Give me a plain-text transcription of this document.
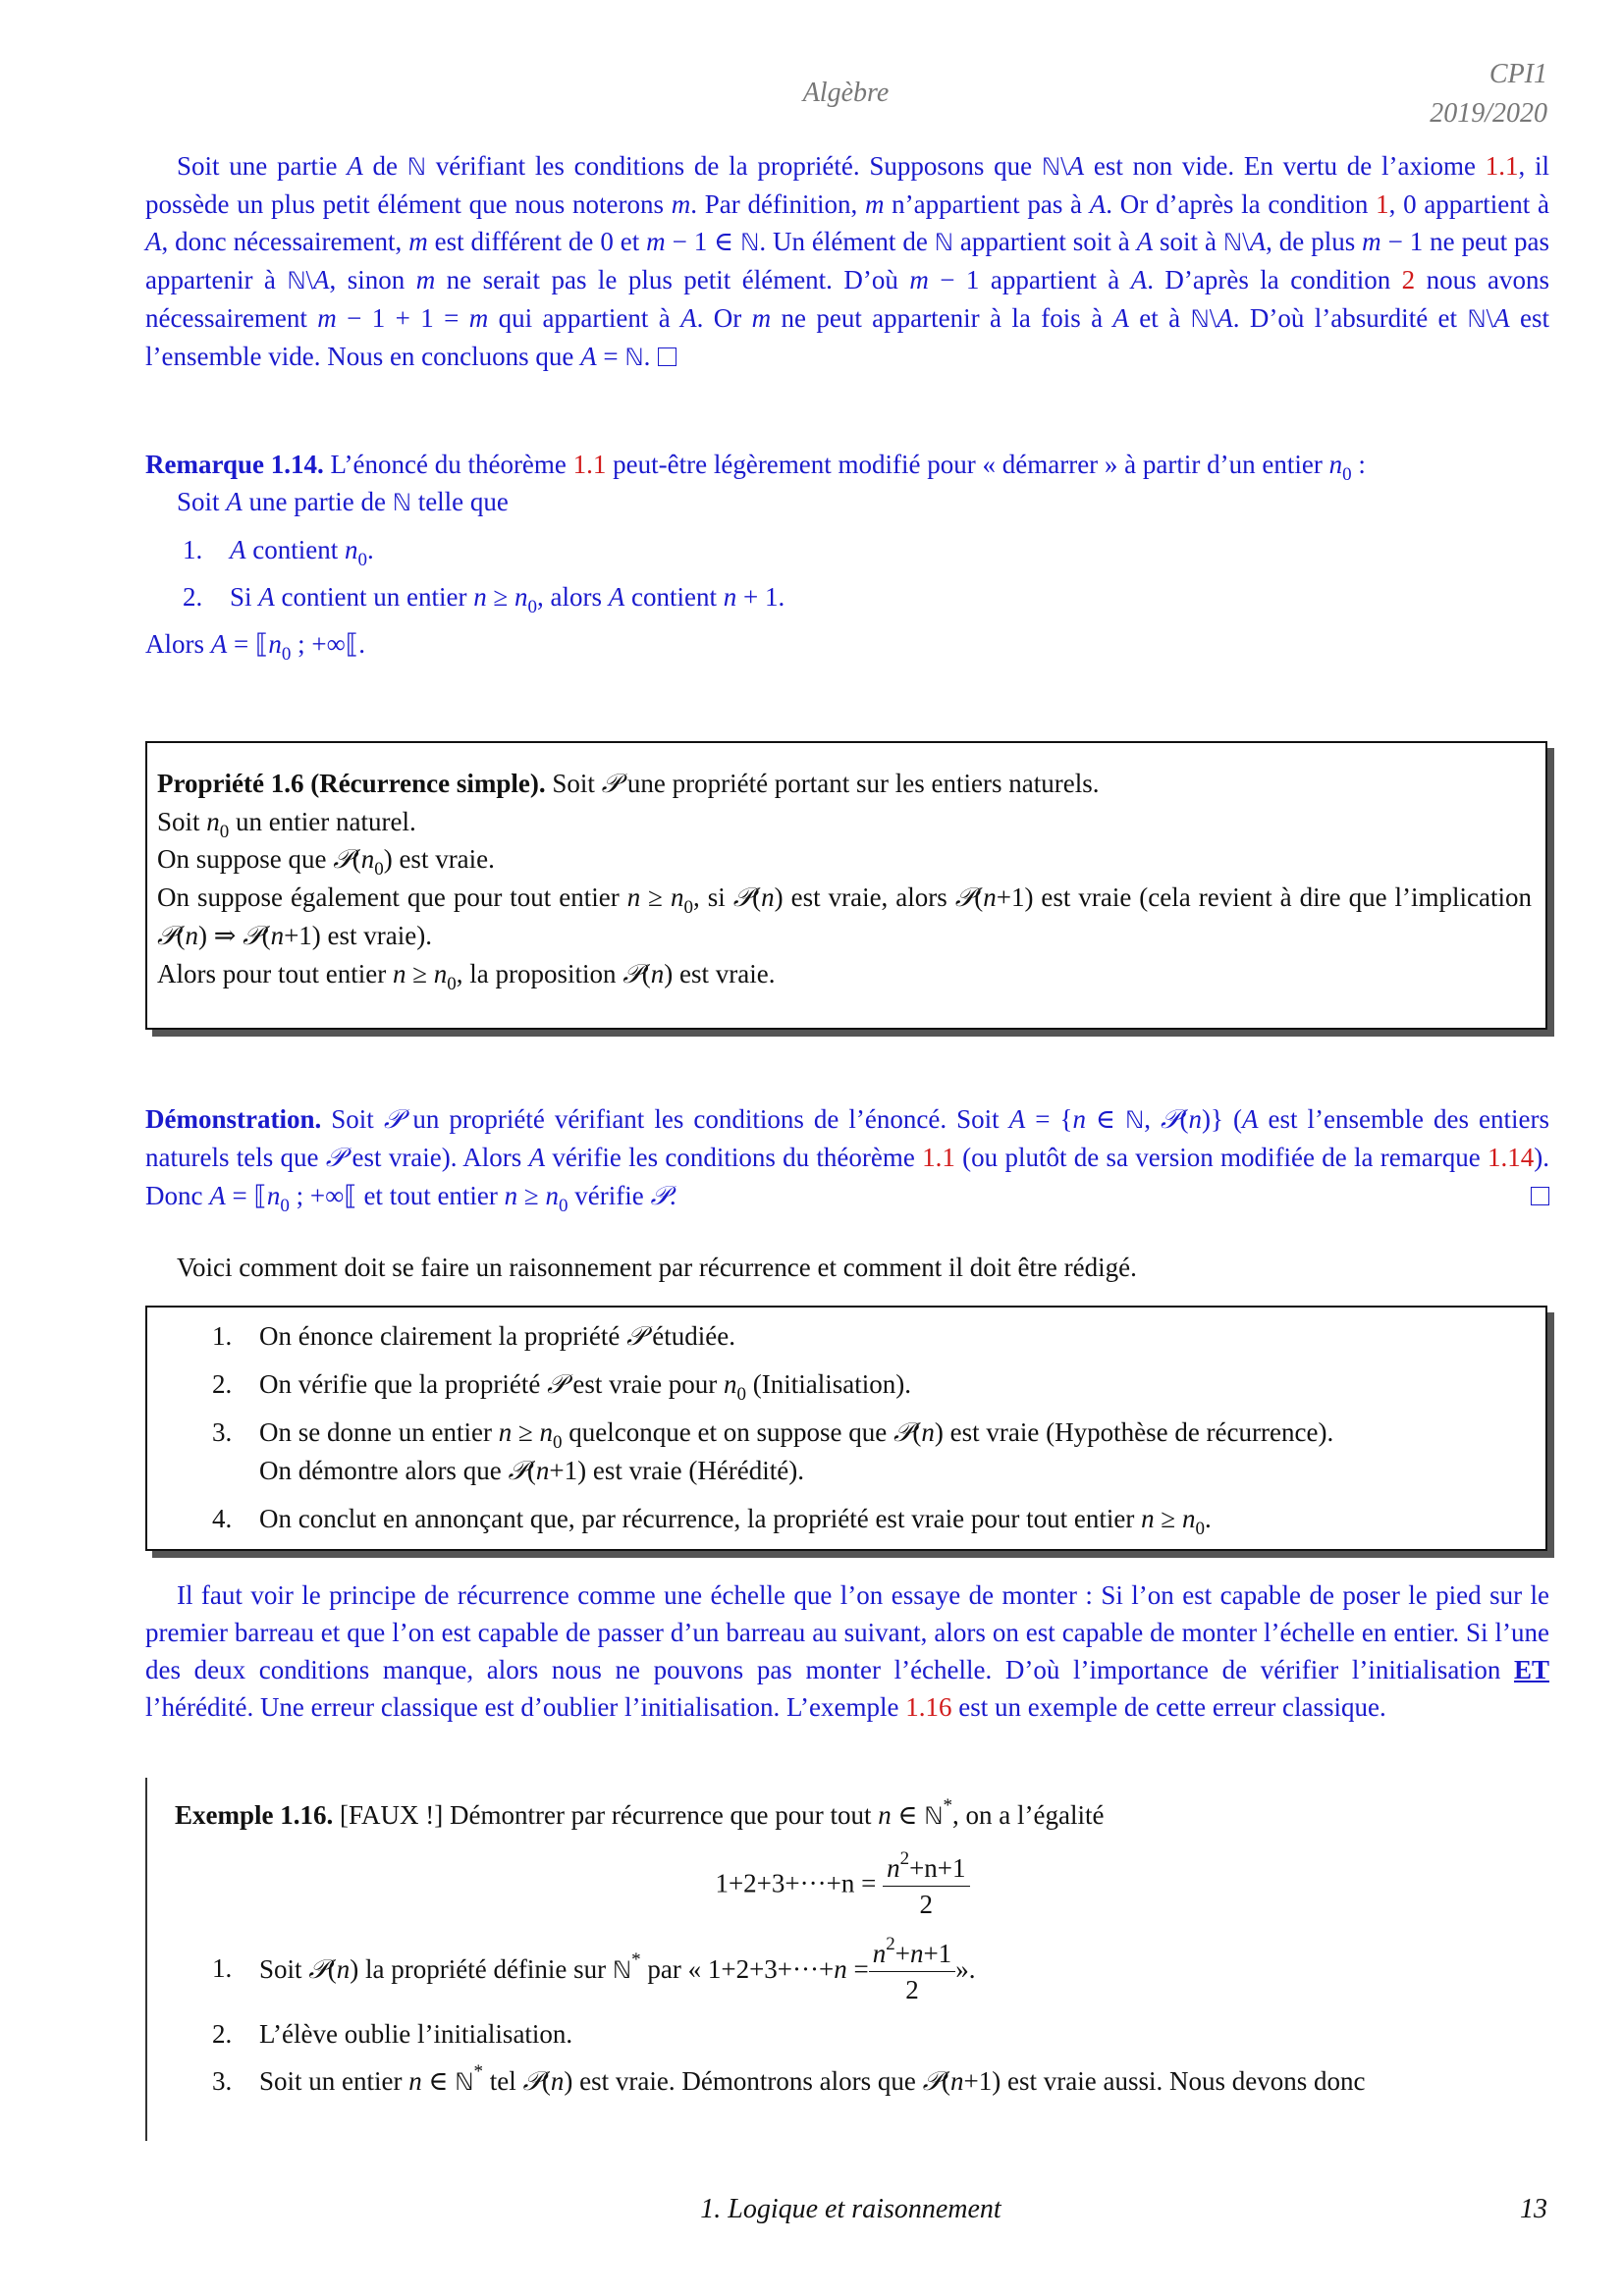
Algèbre
CPI1
2019/2020
Soit une partie A de ℕ vérifiant les conditions de la propriété. Supposons que ℕ\A est non vide. En vertu de l’axiome 1.1, il possède un plus petit élément que nous noterons m. Par définition, m n’appartient pas à A. Or d’après la condition 1, 0 appartient à A, donc nécessairement, m est différent de 0 et m − 1 ∈ ℕ. Un élément de ℕ appartient soit à A soit à ℕ\A, de plus m − 1 ne peut pas appartenir à ℕ\A, sinon m ne serait pas le plus petit élément. D’où m − 1 appartient à A. D’après la condition 2 nous avons nécessairement m − 1 + 1 = m qui appartient à A. Or m ne peut appartenir à la fois à A et à ℕ\A. D’où l’absurdité et ℕ\A est l’ensemble vide. Nous en concluons que A = ℕ.
Remarque 1.14. L’énoncé du théorème 1.1 peut-être légèrement modifié pour « démarrer » à partir d’un entier $n_0$ :
Soit A une partie de ℕ telle que
1. A contient $n_0$.
2. Si A contient un entier $n \ge n_0$, alors A contient n + 1.
Alors $A = ⟦n_0$ ; +∞⟦.
Propriété 1.6 (Récurrence simple). Soit 𝒫 une propriété portant sur les entiers naturels.
Soit $n_0$ un entier naturel.
On suppose que $𝒫(n_0)$ est vraie.
On suppose également que pour tout entier $n \ge n_0$, si 𝒫(n) est vraie, alors 𝒫(n+1) est vraie (cela revient à dire que l’implication 𝒫(n) ⇒ 𝒫(n+1) est vraie).
Alors pour tout entier $n \ge n_0$, la proposition 𝒫(n) est vraie.
Démonstration. Soit 𝒫 un propriété vérifiant les conditions de l’énoncé. Soit A = {n ∈ ℕ, 𝒫(n)} (A est l’ensemble des entiers naturels tels que 𝒫 est vraie). Alors A vérifie les conditions du théorème 1.1 (ou plutôt de sa version modifiée de la remarque 1.14). Donc $A = ⟦n_0$ ; +∞⟦ et tout entier $n \ge n_0$ vérifie 𝒫.
Voici comment doit se faire un raisonnement par récurrence et comment il doit être rédigé.
1. On énonce clairement la propriété 𝒫 étudiée.
2. On vérifie que la propriété 𝒫 est vraie pour $n_0$ (Initialisation).
3. On se donne un entier $n \ge n_0$ quelconque et on suppose que 𝒫(n) est vraie (Hypothèse de récurrence).
On démontre alors que 𝒫(n+1) est vraie (Hérédité).
4. On conclut en annonçant que, par récurrence, la propriété est vraie pour tout entier $n \ge n_0$.
Il faut voir le principe de récurrence comme une échelle que l’on essaye de monter : Si l’on est capable de poser le pied sur le premier barreau et que l’on est capable de passer d’un barreau au suivant, alors on est capable de monter l’échelle en entier. Si l’une des deux conditions manque, alors nous ne pouvons pas monter l’échelle. D’où l’importance de vérifier l’initialisation ET l’hérédité. Une erreur classique est d’oublier l’initialisation. L’exemple 1.16 est un exemple de cette erreur classique.
Exemple 1.16. [FAUX !] Démontrer par récurrence que pour tout n ∈ ℕ*, on a l’égalité
$1+2+3+\cdot\cdot\cdot+n = \frac{n^2+n+1}{2}$
1. Soit 𝒫(n) la propriété définie sur ℕ* par « $1+2+3+\cdot\cdot\cdot+n = \frac{n^2+n+1}{2}$ ».
2. L’élève oublie l’initialisation.
3. Soit un entier n ∈ ℕ* tel 𝒫(n) est vraie. Démontrons alors que 𝒫(n+1) est vraie aussi. Nous devons donc
1. Logique et raisonnement	13
